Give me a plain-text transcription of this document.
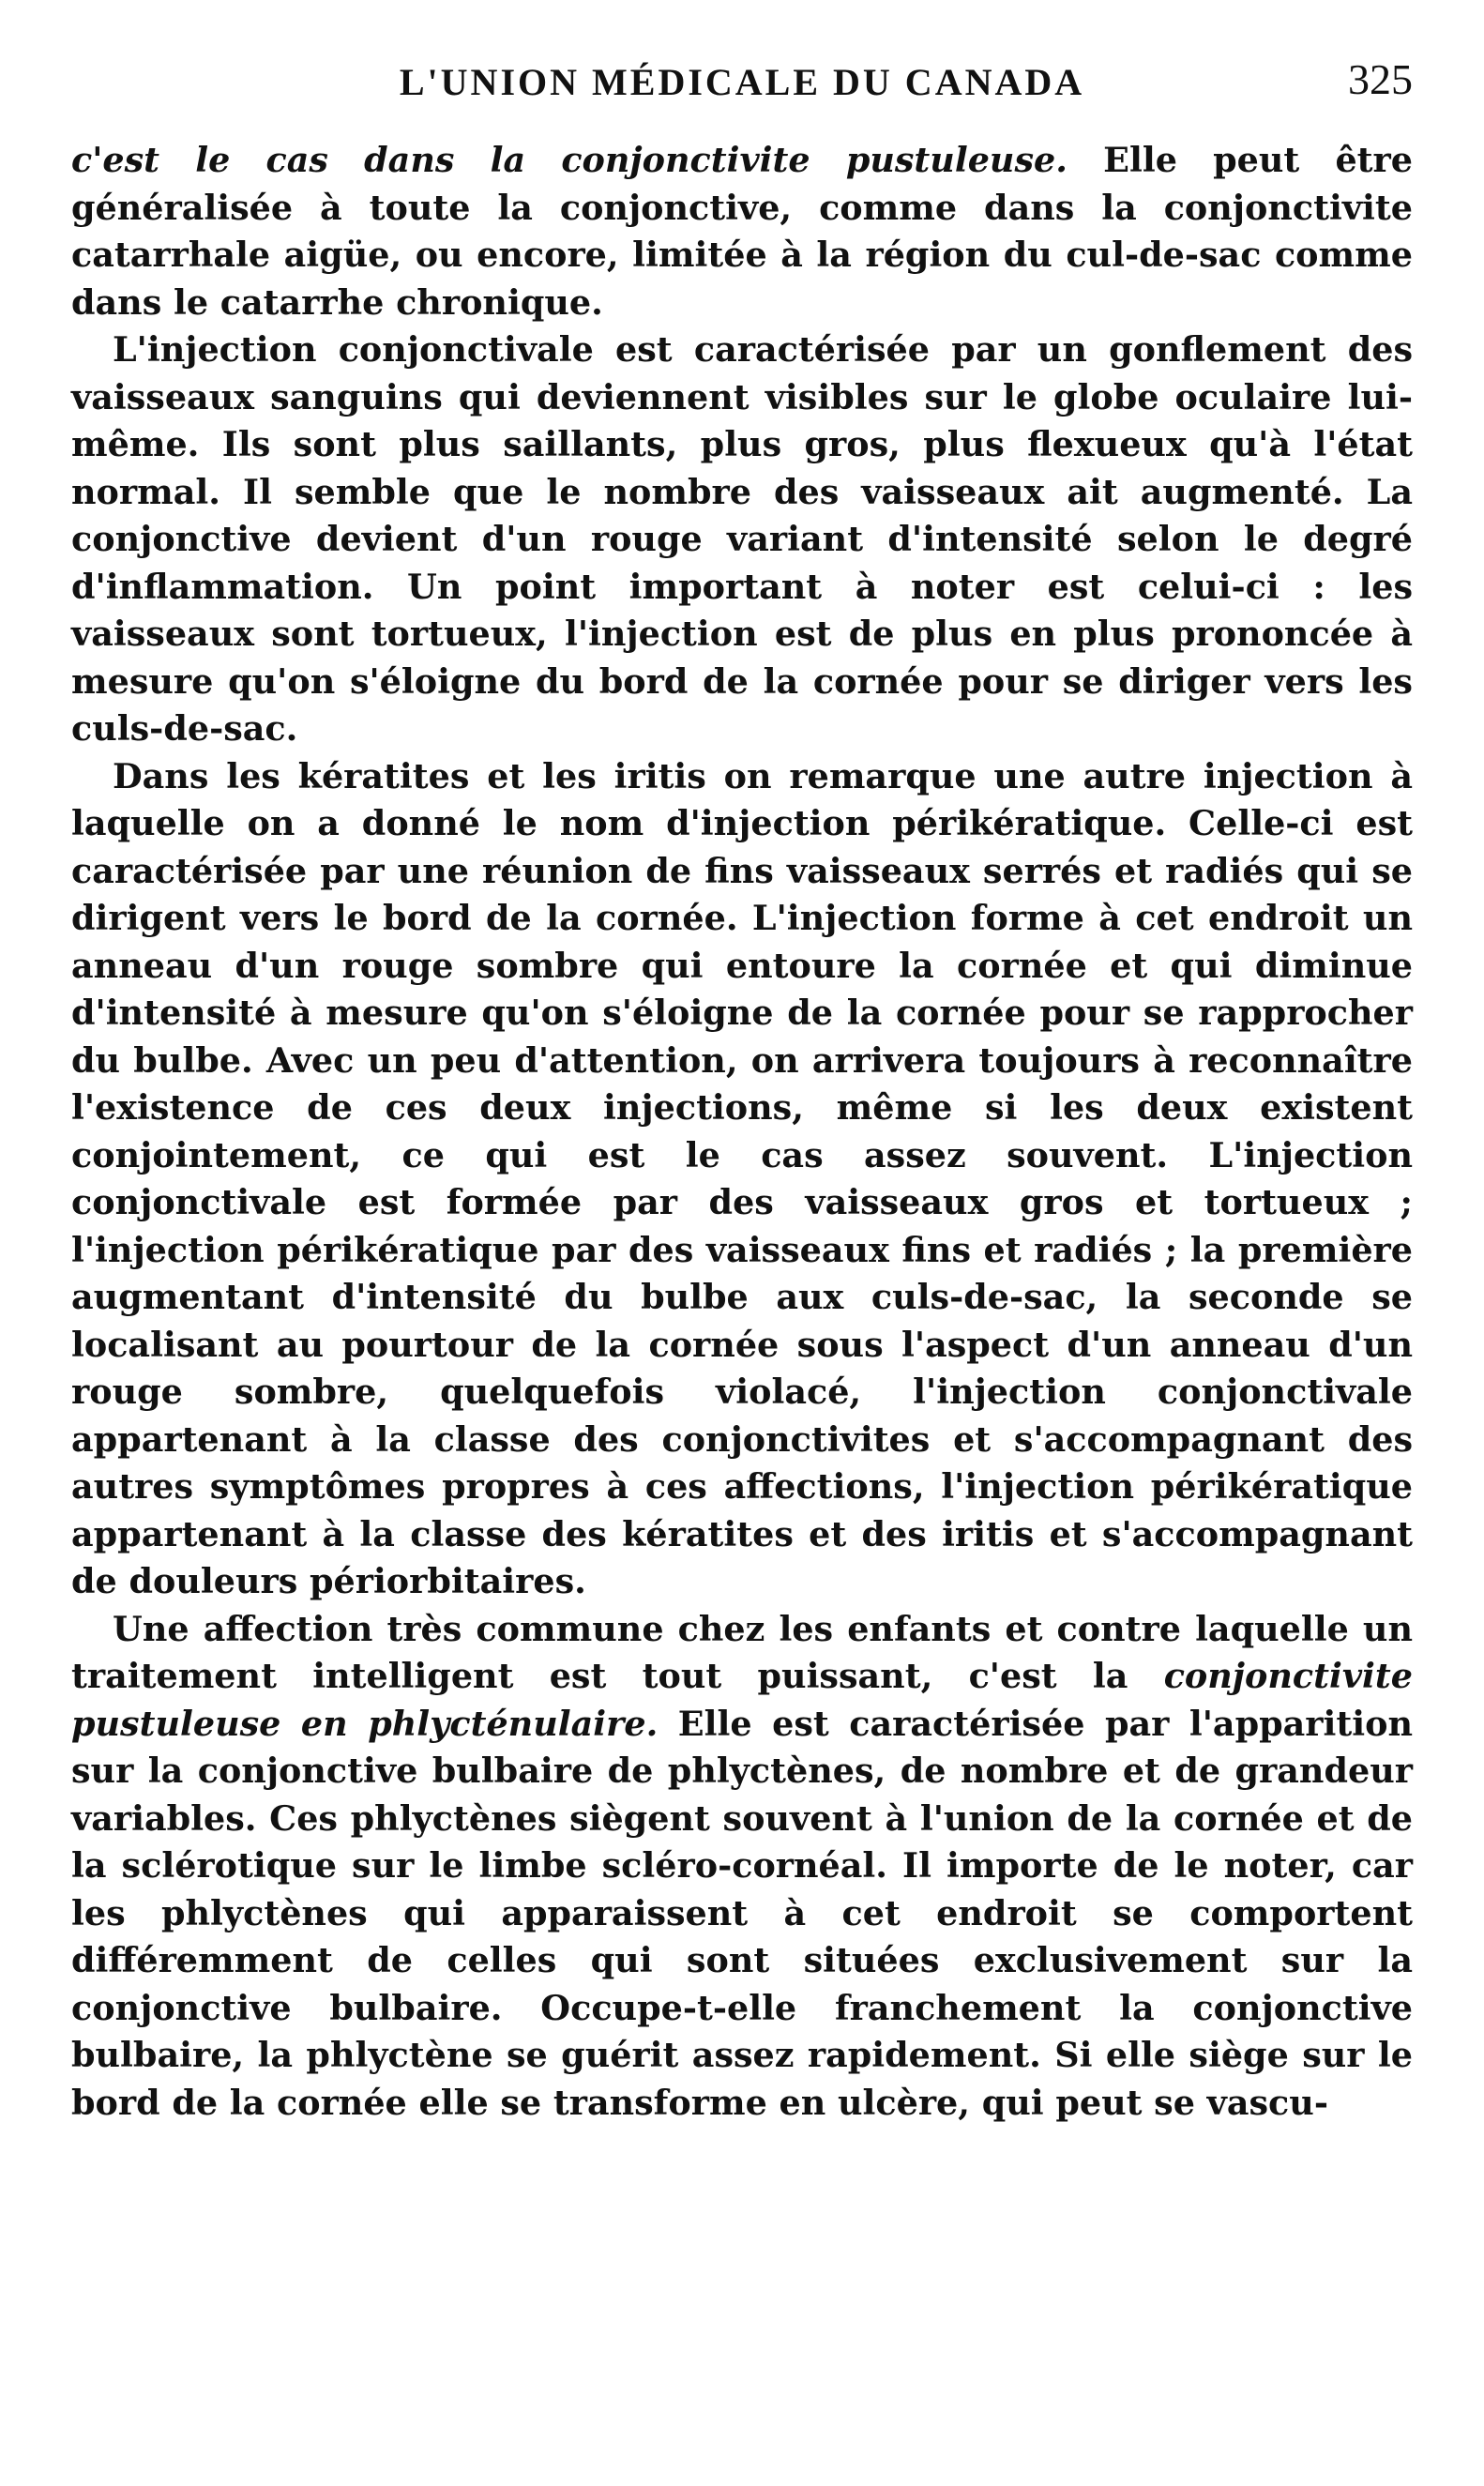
L'UNION MÉDICALE DU CANADA	325

c'est le cas dans la conjonctivite pustuleuse. Elle peut être généralisée à toute la conjonctive, comme dans la conjonctivite catarrhale aigüe, ou encore, limitée à la région du cul-de-sac comme dans le catarrhe chronique.

L'injection conjonctivale est caractérisée par un gonflement des vaisseaux sanguins qui deviennent visibles sur le globe oculaire lui-même. Ils sont plus saillants, plus gros, plus flexueux qu'à l'état normal. Il semble que le nombre des vaisseaux ait augmenté. La conjonctive devient d'un rouge variant d'intensité selon le degré d'inflammation. Un point important à noter est celui-ci : les vaisseaux sont tortueux, l'injection est de plus en plus prononcée à mesure qu'on s'éloigne du bord de la cornée pour se diriger vers les culs-de-sac.

Dans les kératites et les iritis on remarque une autre injection à laquelle on a donné le nom d'injection périkératique. Celle-ci est caractérisée par une réunion de fins vaisseaux serrés et radiés qui se dirigent vers le bord de la cornée. L'injection forme à cet endroit un anneau d'un rouge sombre qui entoure la cornée et qui diminue d'intensité à mesure qu'on s'éloigne de la cornée pour se rapprocher du bulbe. Avec un peu d'attention, on arrivera toujours à reconnaître l'existence de ces deux injections, même si les deux existent conjointement, ce qui est le cas assez souvent. L'injection conjonctivale est formée par des vaisseaux gros et tortueux ; l'injection périkératique par des vaisseaux fins et radiés ; la première augmentant d'intensité du bulbe aux culs-de-sac, la seconde se localisant au pourtour de la cornée sous l'aspect d'un anneau d'un rouge sombre, quelquefois violacé, l'injection conjonctivale appartenant à la classe des conjonctivites et s'accompagnant des autres symptômes propres à ces affections, l'injection périkératique appartenant à la classe des kératites et des iritis et s'accompagnant de douleurs périorbitaires.

Une affection très commune chez les enfants et contre laquelle un traitement intelligent est tout puissant, c'est la conjonctivite pustuleuse en phlycténulaire. Elle est caractérisée par l'apparition sur la conjonctive bulbaire de phlyctènes, de nombre et de grandeur variables. Ces phlyctènes siègent souvent à l'union de la cornée et de la sclérotique sur le limbe scléro-cornéal. Il importe de le noter, car les phlyctènes qui apparaissent à cet endroit se comportent différemment de celles qui sont situées exclusivement sur la conjonctive bulbaire. Occupe-t-elle franchement la conjonctive bulbaire, la phlyctène se guérit assez rapidement. Si elle siège sur le bord de la cornée elle se transforme en ulcère, qui peut se vascu-
